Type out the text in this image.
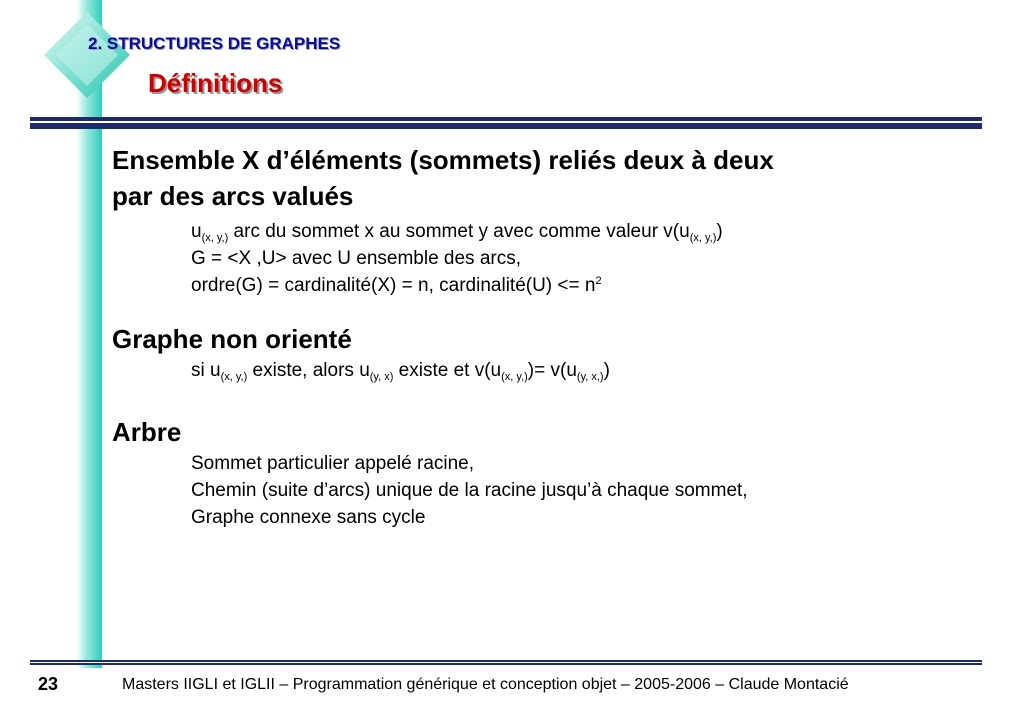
2. STRUCTURES DE GRAPHES
Définitions

Ensemble X d’éléments (sommets) reliés deux à deux
par des arcs valués

$u_{(x, y,)}$ arc du sommet x au sommet y avec comme valeur $v(u_{(x, y,)})$
G = <X ,U> avec U ensemble des arcs,
ordre(G) = cardinalité(X) = n, cardinalité(U) <= $n^2$

Graphe non orienté

si $u_{(x, y,)}$ existe, alors $u_{(y, x)}$ existe et $v(u_{(x, y,)})= v(u_{(y, x,)})$

Arbre

Sommet particulier appelé racine,
Chemin (suite d’arcs) unique de la racine jusqu’à chaque sommet,
Graphe connexe sans cycle
23	Masters IIGLI et IGLII – Programmation générique et conception objet – 2005-2006 – Claude Montacié
